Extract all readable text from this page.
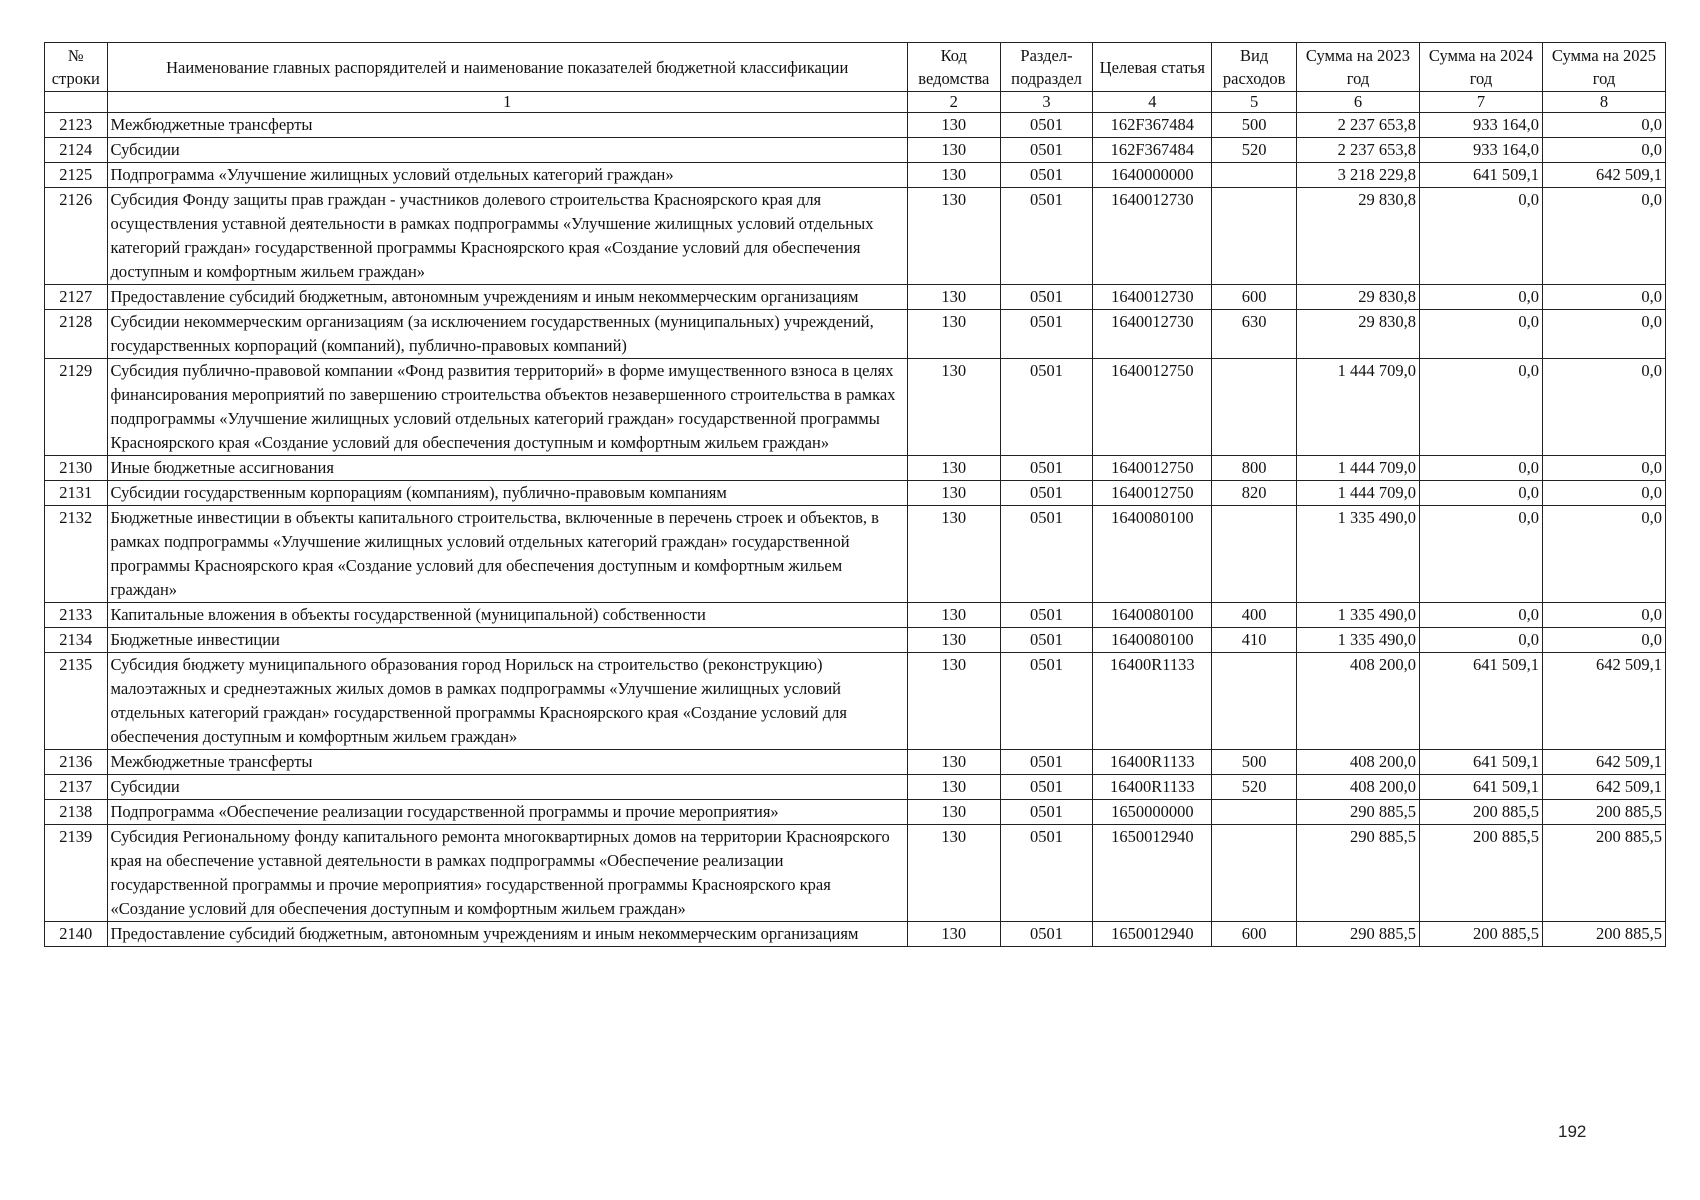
№ строки	Наименование главных распорядителей и наименование показателей бюджетной классификации	Код ведомства	Раздел-подраздел	Целевая статья	Вид расходов	Сумма на 2023 год	Сумма на 2024 год	Сумма на 2025 год
	1	2	3	4	5	6	7	8
2123	Межбюджетные трансферты	130	0501	162F367484	500	2 237 653,8	933 164,0	0,0
2124	Субсидии	130	0501	162F367484	520	2 237 653,8	933 164,0	0,0
2125	Подпрограмма «Улучшение жилищных условий отдельных категорий граждан»	130	0501	1640000000		3 218 229,8	641 509,1	642 509,1
2126	Субсидия Фонду защиты прав граждан - участников долевого строительства Красноярского края для осуществления уставной деятельности в рамках подпрограммы «Улучшение жилищных условий отдельных категорий граждан» государственной программы Красноярского края «Создание условий для обеспечения доступным и комфортным жильем граждан»	130	0501	1640012730		29 830,8	0,0	0,0
2127	Предоставление субсидий бюджетным, автономным учреждениям и иным некоммерческим организациям	130	0501	1640012730	600	29 830,8	0,0	0,0
2128	Субсидии некоммерческим организациям (за исключением государственных (муниципальных) учреждений, государственных корпораций (компаний), публично-правовых компаний)	130	0501	1640012730	630	29 830,8	0,0	0,0
2129	Субсидия публично-правовой компании «Фонд развития территорий» в форме имущественного взноса в целях финансирования мероприятий по завершению строительства объектов незавершенного строительства в рамках подпрограммы «Улучшение жилищных условий отдельных категорий граждан» государственной программы Красноярского края «Создание условий для обеспечения доступным и комфортным жильем граждан»	130	0501	1640012750		1 444 709,0	0,0	0,0
2130	Иные бюджетные ассигнования	130	0501	1640012750	800	1 444 709,0	0,0	0,0
2131	Субсидии государственным корпорациям (компаниям), публично-правовым компаниям	130	0501	1640012750	820	1 444 709,0	0,0	0,0
2132	Бюджетные инвестиции в объекты капитального строительства, включенные в перечень строек и объектов, в рамках подпрограммы «Улучшение жилищных условий отдельных категорий граждан» государственной программы Красноярского края «Создание условий для обеспечения доступным и комфортным жильем граждан»	130	0501	1640080100		1 335 490,0	0,0	0,0
2133	Капитальные вложения в объекты государственной (муниципальной) собственности	130	0501	1640080100	400	1 335 490,0	0,0	0,0
2134	Бюджетные инвестиции	130	0501	1640080100	410	1 335 490,0	0,0	0,0
2135	Субсидия бюджету муниципального образования город Норильск на строительство (реконструкцию) малоэтажных и среднеэтажных жилых домов в рамках подпрограммы «Улучшение жилищных условий отдельных категорий граждан» государственной программы Красноярского края «Создание условий для обеспечения доступным и комфортным жильем граждан»	130	0501	16400R1133		408 200,0	641 509,1	642 509,1
2136	Межбюджетные трансферты	130	0501	16400R1133	500	408 200,0	641 509,1	642 509,1
2137	Субсидии	130	0501	16400R1133	520	408 200,0	641 509,1	642 509,1
2138	Подпрограмма «Обеспечение реализации государственной программы и прочие мероприятия»	130	0501	1650000000		290 885,5	200 885,5	200 885,5
2139	Субсидия Региональному фонду капитального ремонта многоквартирных домов на территории Красноярского края на обеспечение уставной деятельности в рамках подпрограммы «Обеспечение реализации государственной программы и прочие мероприятия» государственной программы Красноярского края «Создание условий для обеспечения доступным и комфортным жильем граждан»	130	0501	1650012940		290 885,5	200 885,5	200 885,5
2140	Предоставление субсидий бюджетным, автономным учреждениям и иным некоммерческим организациям	130	0501	1650012940	600	290 885,5	200 885,5	200 885,5
192
